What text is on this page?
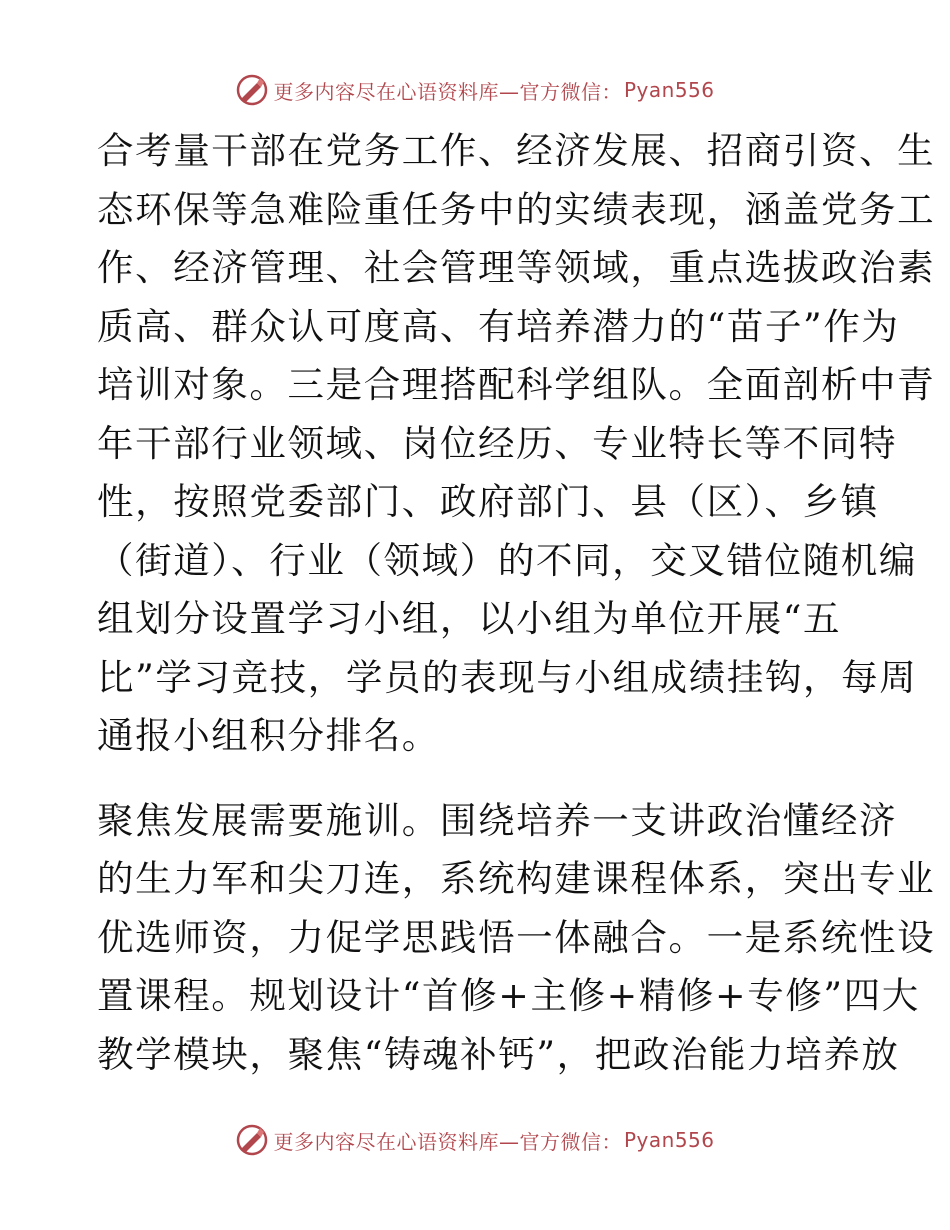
更多内容尽在心语资料库—官方微信： Pyan556
合考量干部在党务工作、经济发展、招商引资、生
态环保等急难险重任务中的实绩表现，涵盖党务工
作、经济管理、社会管理等领域，重点选拔政治素
质高、群众认可度高、有培养潜力的“苗子”作为
培训对象。三是合理搭配科学组队。全面剖析中青
年干部行业领域、岗位经历、专业特长等不同特
性，按照党委部门、政府部门、县（区）、乡镇
（街道）、行业（领域）的不同，交叉错位随机编
组划分设置学习小组，以小组为单位开展“五
比”学习竞技，学员的表现与小组成绩挂钩，每周
通报小组积分排名。
聚焦发展需要施训。围绕培养一支讲政治懂经济
的生力军和尖刀连，系统构建课程体系，突出专业
优选师资，力促学思践悟一体融合。一是系统性设
置课程。规划设计“首修+主修+精修+专修”四大
教学模块，聚焦“铸魂补钙”，把政治能力培养放
更多内容尽在心语资料库—官方微信： Pyan556
